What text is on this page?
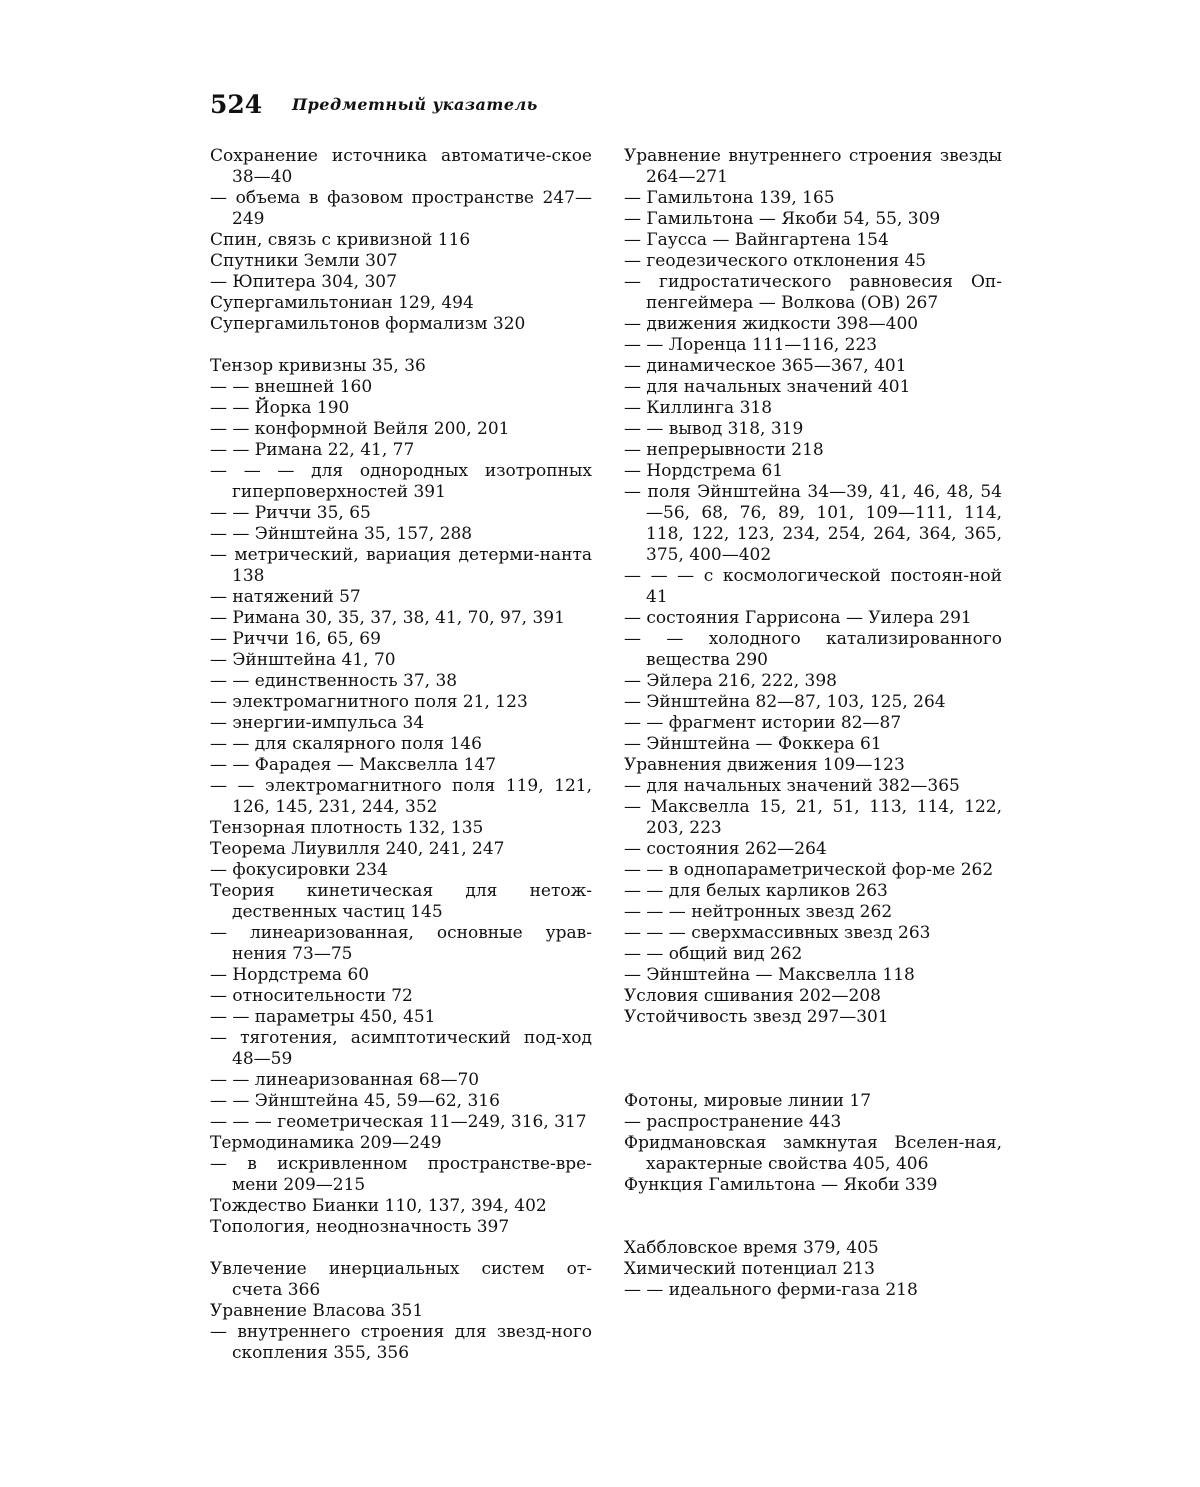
524 Предметный указатель
Сохранение источника автоматиче-ское 38—40
— объема в фазовом пространстве 247—249
Спин, связь с кривизной 116
Спутники Земли 307
— Юпитера 304, 307
Супергамильтониан 129, 494
Супергамильтонов формализм 320
Тензор кривизны 35, 36
— — внешней 160
— — Йорка 190
— — конформной Вейля 200, 201
— — Римана 22, 41, 77
— — — для однородных изотропных гиперповерхностей 391
— — Риччи 35, 65
— — Эйнштейна 35, 157, 288
— метрический, вариация детерми-нанта 138
— натяжений 57
— Римана 30, 35, 37, 38, 41, 70, 97, 391
— Риччи 16, 65, 69
— Эйнштейна 41, 70
— — единственность 37, 38
— электромагнитного поля 21, 123
— энергии-импульса 34
— — для скалярного поля 146
— — Фарадея — Максвелла 147
— — электромагнитного поля 119, 121, 126, 145, 231, 244, 352
Тензорная плотность 132, 135
Теорема Лиувилля 240, 241, 247
— фокусировки 234
Теория кинетическая для нетож-дественных частиц 145
— линеаризованная, основные урав-нения 73—75
— Нордстрема 60
— относительности 72
— — параметры 450, 451
— тяготения, асимптотический под-ход 48—59
— — линеаризованная 68—70
— — Эйнштейна 45, 59—62, 316
— — — геометрическая 11—249, 316, 317
Термодинамика 209—249
— в искривленном пространстве-вре-мени 209—215
Тождество Бианки 110, 137, 394, 402
Топология, неоднозначность 397
Увлечение инерциальных систем от-счета 366
Уравнение Власова 351
— внутреннего строения для звезд-ного скопления 355, 356
Уравнение внутреннего строения звезды 264—271
— Гамильтона 139, 165
— Гамильтона — Якоби 54, 55, 309
— Гаусса — Вайнгартена 154
— геодезического отклонения 45
— гидростатического равновесия Оп-пенгеймера — Волкова (ОВ) 267
— движения жидкости 398—400
— — Лоренца 111—116, 223
— динамическое 365—367, 401
— для начальных значений 401
— Киллинга 318
— — вывод 318, 319
— непрерывности 218
— Нордстрема 61
— поля Эйнштейна 34—39, 41, 46, 48, 54—56, 68, 76, 89, 101, 109—111, 114, 118, 122, 123, 234, 254, 264, 364, 365, 375, 400—402
— — — с космологической постоян-ной 41
— состояния Гаррисона — Уилера 291
— — холодного катализированного вещества 290
— Эйлера 216, 222, 398
— Эйнштейна 82—87, 103, 125, 264
— — фрагмент истории 82—87
— Эйнштейна — Фоккера 61
Уравнения движения 109—123
— для начальных значений 382—365
— Максвелла 15, 21, 51, 113, 114, 122, 203, 223
— состояния 262—264
— — в однопараметрической фор-ме 262
— — для белых карликов 263
— — — нейтронных звезд 262
— — — сверхмассивных звезд 263
— — общий вид 262
— Эйнштейна — Максвелла 118
Условия сшивания 202—208
Устойчивость звезд 297—301
Фотоны, мировые линии 17
— распространение 443
Фридмановская замкнутая Вселен-ная, характерные свойства 405, 406
Функция Гамильтона — Якоби 339
Хаббловское время 379, 405
Химический потенциал 213
— — идеального ферми-газа 218
